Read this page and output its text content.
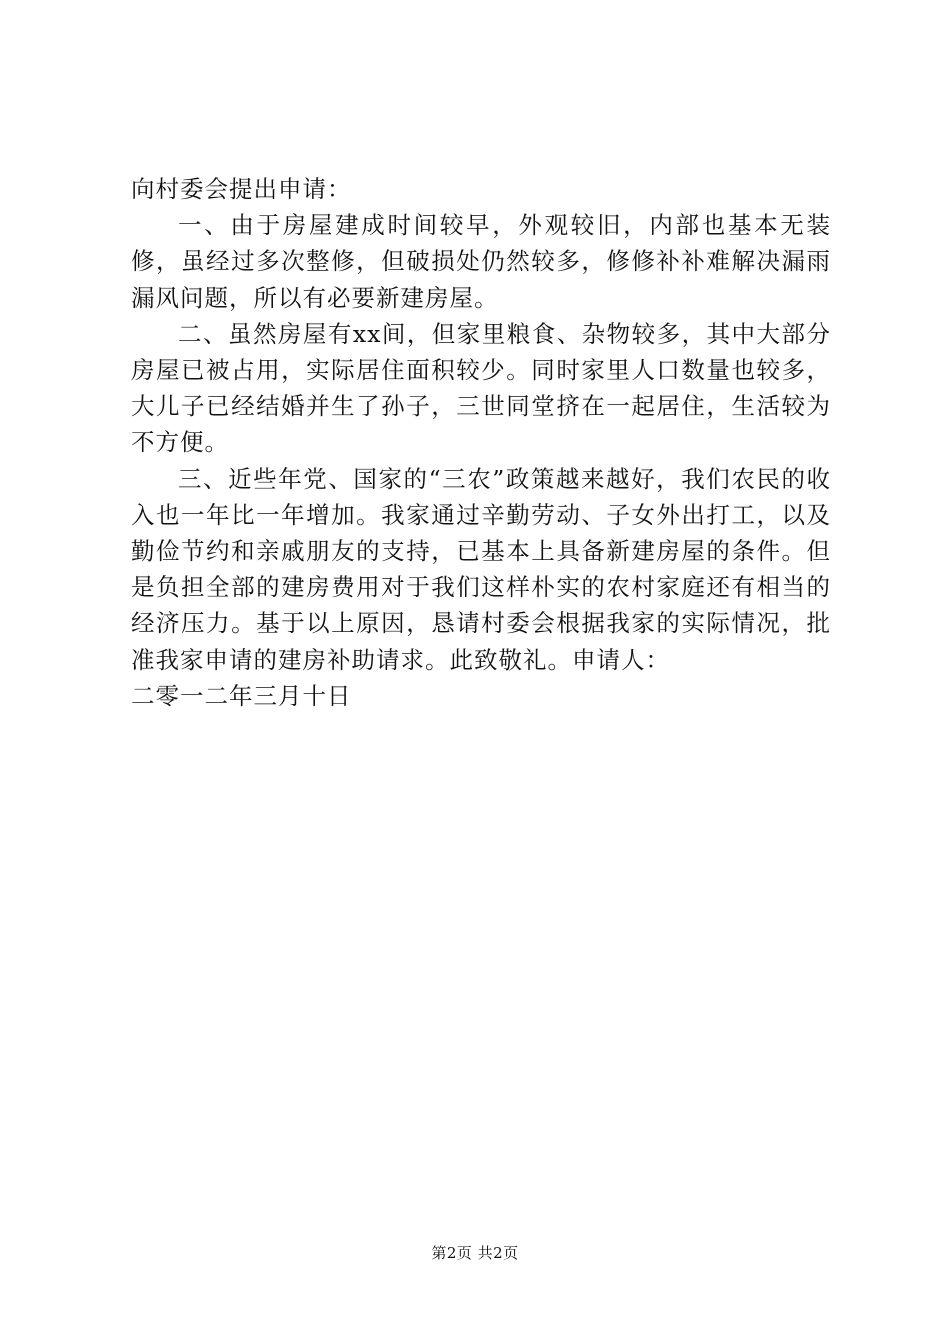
向村委会提出申请：

一、由于房屋建成时间较早，外观较旧，内部也基本无装修，虽经过多次整修，但破损处仍然较多，修修补补难解决漏雨漏风问题，所以有必要新建房屋。

二、虽然房屋有xx间，但家里粮食、杂物较多，其中大部分房屋已被占用，实际居住面积较少。同时家里人口数量也较多，大儿子已经结婚并生了孙子，三世同堂挤在一起居住，生活较为不方便。

三、近些年党、国家的“三农”政策越来越好，我们农民的收入也一年比一年增加。我家通过辛勤劳动、子女外出打工，以及勤俭节约和亲戚朋友的支持，已基本上具备新建房屋的条件。但是负担全部的建房费用对于我们这样朴实的农村家庭还有相当的经济压力。基于以上原因，恳请村委会根据我家的实际情况，批准我家申请的建房补助请求。此致敬礼。申请人：

二零一二年三月十日

第2页 共2页
